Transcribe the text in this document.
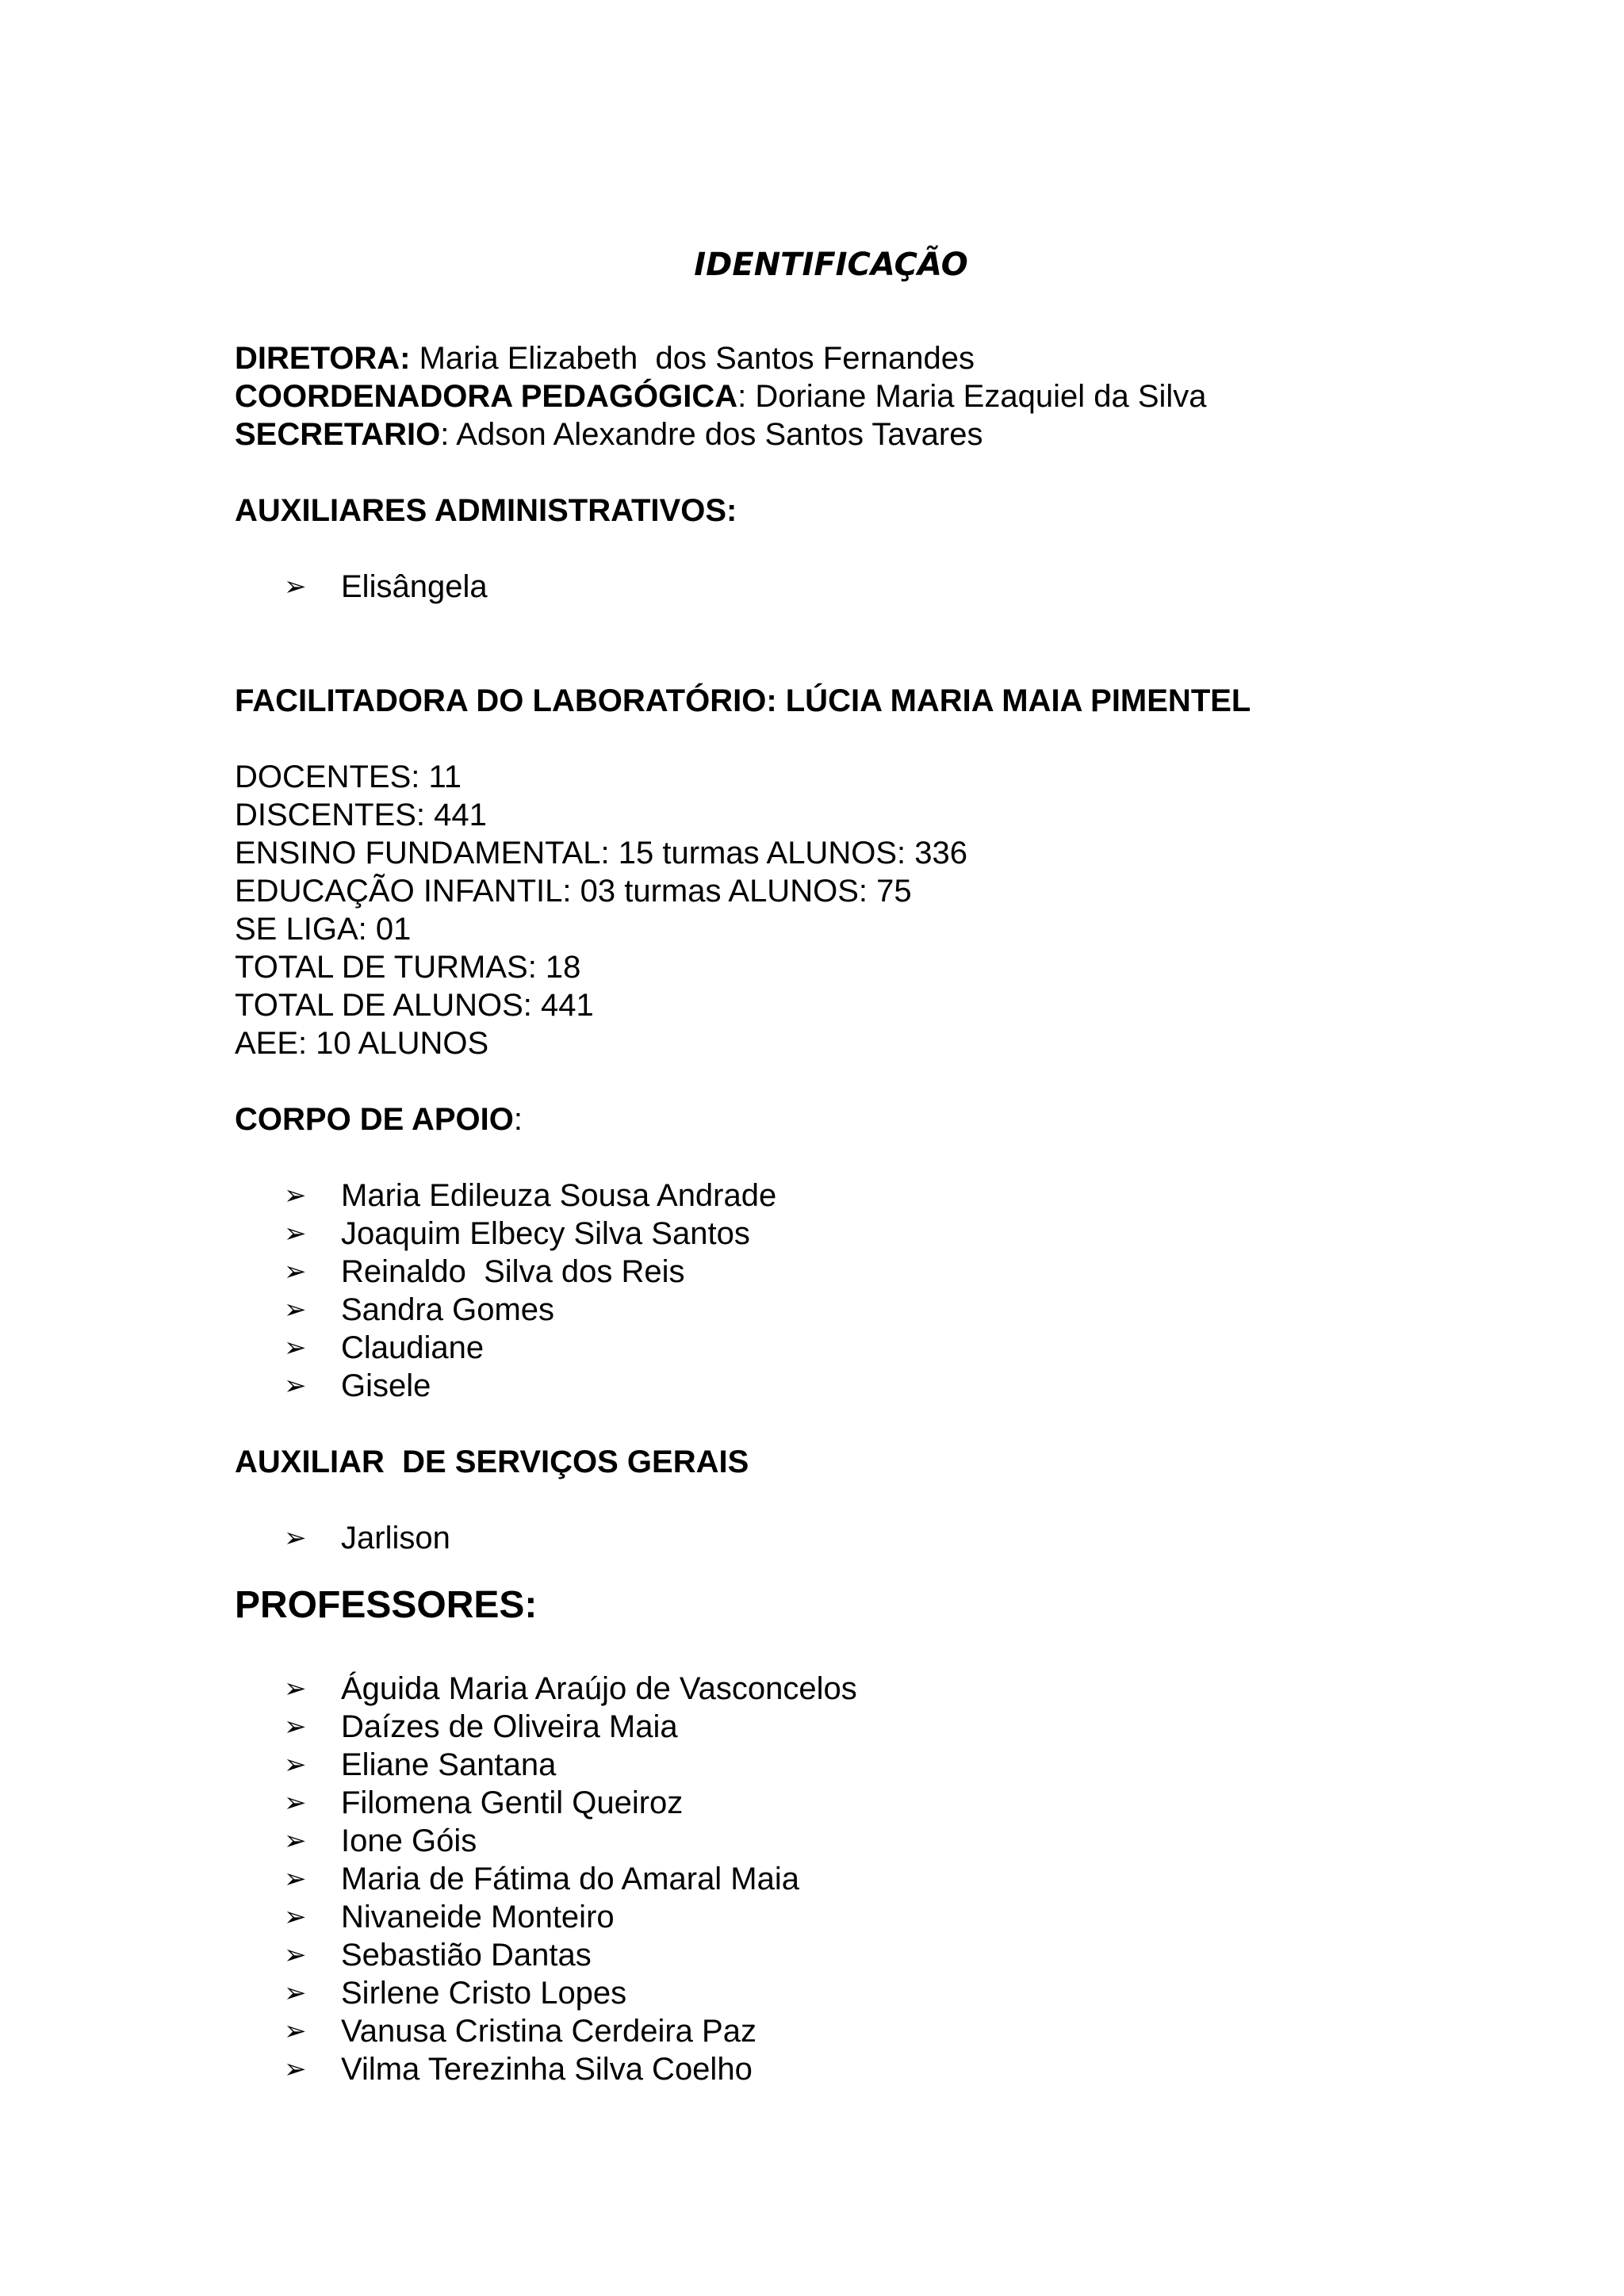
IDENTIFICAÇÃO
DIRETORA: Maria Elizabeth  dos Santos Fernandes
COORDENADORA PEDAGÓGICA: Doriane Maria Ezaquiel da Silva
SECRETARIO: Adson Alexandre dos Santos Tavares
AUXILIARES ADMINISTRATIVOS:
➢	Elisângela
FACILITADORA DO LABORATÓRIO: LÚCIA MARIA MAIA PIMENTEL
DOCENTES: 11
DISCENTES: 441
ENSINO FUNDAMENTAL: 15 turmas ALUNOS: 336
EDUCAÇÃO INFANTIL: 03 turmas ALUNOS: 75
SE LIGA: 01
TOTAL DE TURMAS: 18
TOTAL DE ALUNOS: 441
AEE: 10 ALUNOS
CORPO DE APOIO:
➢	Maria Edileuza Sousa Andrade
➢	Joaquim Elbecy Silva Santos
➢	Reinaldo  Silva dos Reis
➢	Sandra Gomes
➢	Claudiane
➢	Gisele
AUXILIAR  DE SERVIÇOS GERAIS
➢	Jarlison
PROFESSORES:
➢	Águida Maria Araújo de Vasconcelos
➢	Daízes de Oliveira Maia
➢	Eliane Santana
➢	Filomena Gentil Queiroz
➢	Ione Góis
➢	Maria de Fátima do Amaral Maia
➢	Nivaneide Monteiro
➢	Sebastião Dantas
➢	Sirlene Cristo Lopes
➢	Vanusa Cristina Cerdeira Paz
➢	Vilma Terezinha Silva Coelho
